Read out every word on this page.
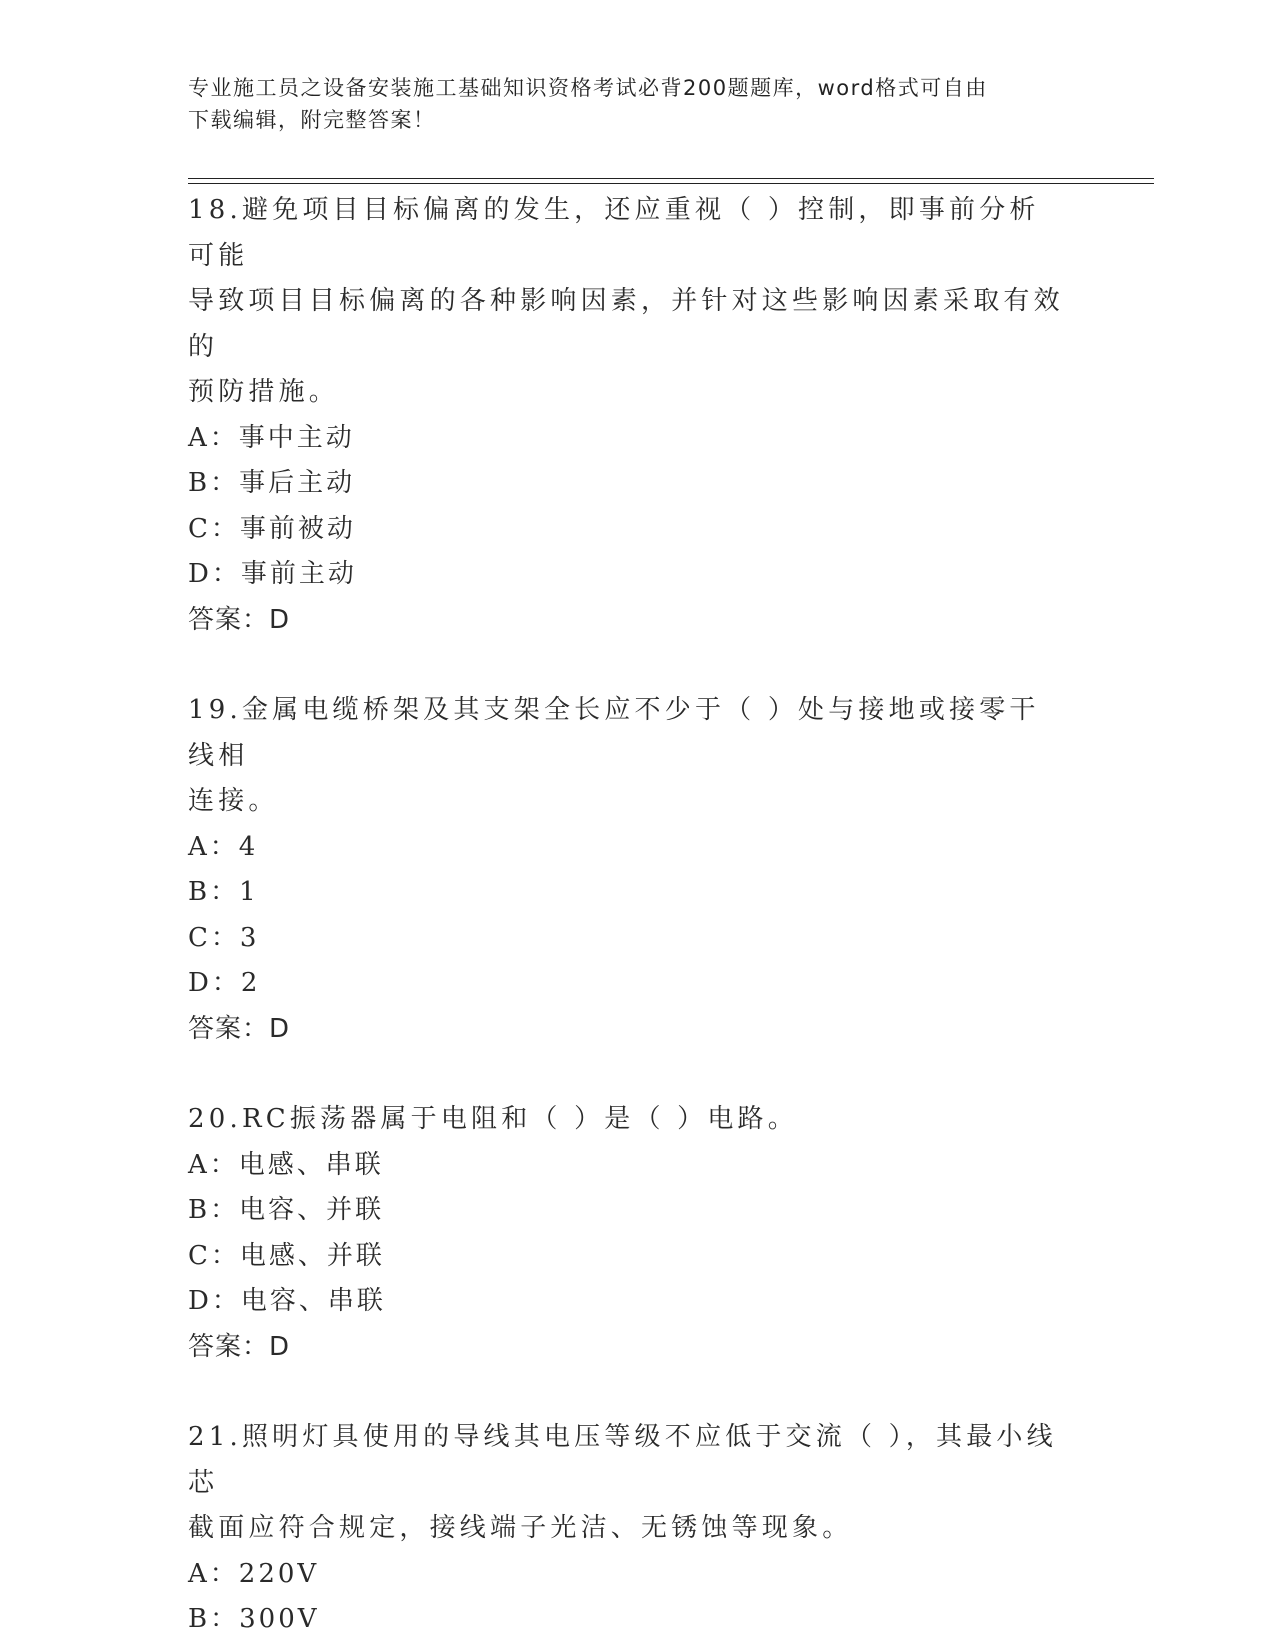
专业施工员之设备安装施工基础知识资格考试必背200题题库，word格式可自由
下载编辑，附完整答案！

18.避免项目目标偏离的发生，还应重视（ ）控制，即事前分析可能

导致项目目标偏离的各种影响因素，并针对这些影响因素采取有效的

预防措施。

A：事中主动

B：事后主动

C：事前被动

D：事前主动

答案：D

19.金属电缆桥架及其支架全长应不少于（ ）处与接地或接零干线相

连接。

A：4

B：1

C：3

D：2

答案：D

20.RC振荡器属于电阻和（ ）是（ ）电路。

A：电感、串联

B：电容、并联

C：电感、并联

D：电容、串联

答案：D

21.照明灯具使用的导线其电压等级不应低于交流（ ），其最小线芯

截面应符合规定，接线端子光洁、无锈蚀等现象。

A：220V

B：300V
